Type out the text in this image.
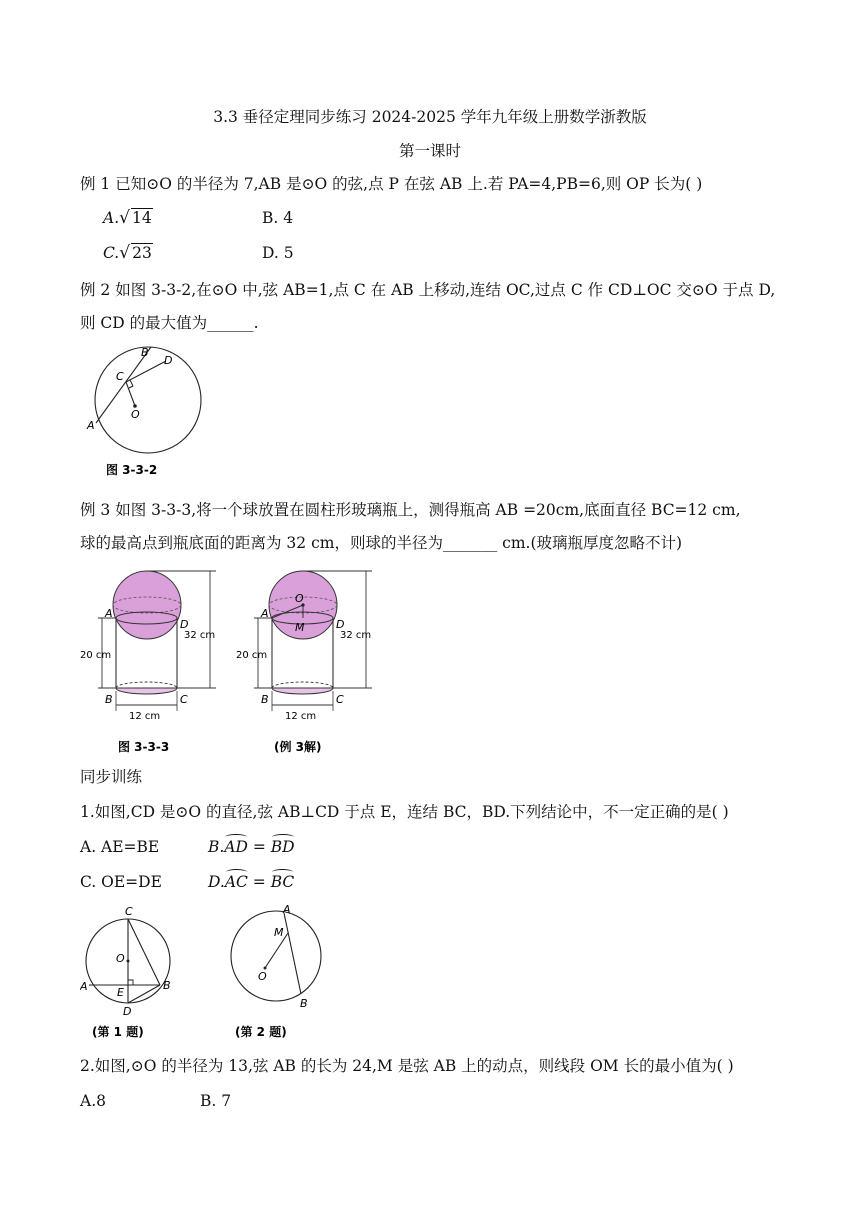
3.3 垂径定理同步练习 2024-2025 学年九年级上册数学浙教版
第一课时
例 1 已知⊙O 的半径为 7,AB 是⊙O 的弦,点 P 在弦 AB 上.若 PA=4,PB=6,则 OP 长为( )
A.√ 14	B. 4
C.√ 23	D. 5
例 2 如图 3-3-2,在⊙O 中,弦 AB=1,点 C 在 AB 上移动,连结 OC,过点 C 作 CD⊥OC 交⊙O 于点 D,
则 CD 的最大值为______.
A
B
C
D
O
图 3-3-2
例 3 如图 3-3-3,将一个球放置在圆柱形玻璃瓶上，测得瓶高 AB =20cm,底面直径 BC=12 cm,
球的最高点到瓶底面的距离为 32 cm，则球的半径为_______ cm.(玻璃瓶厚度忽略不计)
A
D
B	C
20 cm
32 cm
12 cm
图 3-3-3
A
D
O
M
B	C
20 cm
32 cm
12 cm
(例 3解)
同步训练
1.如图,CD 是⊙O 的直径,弦 AB⊥CD 于点 E，连结 BC，BD.下列结论中，不一定正确的是( )
A. AE=BE	B.AD = BD
C. OE=DE	D.AC = BC
C
O
A	E
B
D
(第 1 题)
A
M
O
B
(第 2 题)
2.如图,⊙O 的半径为 13,弦 AB 的长为 24,M 是弦 AB 上的动点，则线段 OM 长的最小值为( )
A.8	B. 7
